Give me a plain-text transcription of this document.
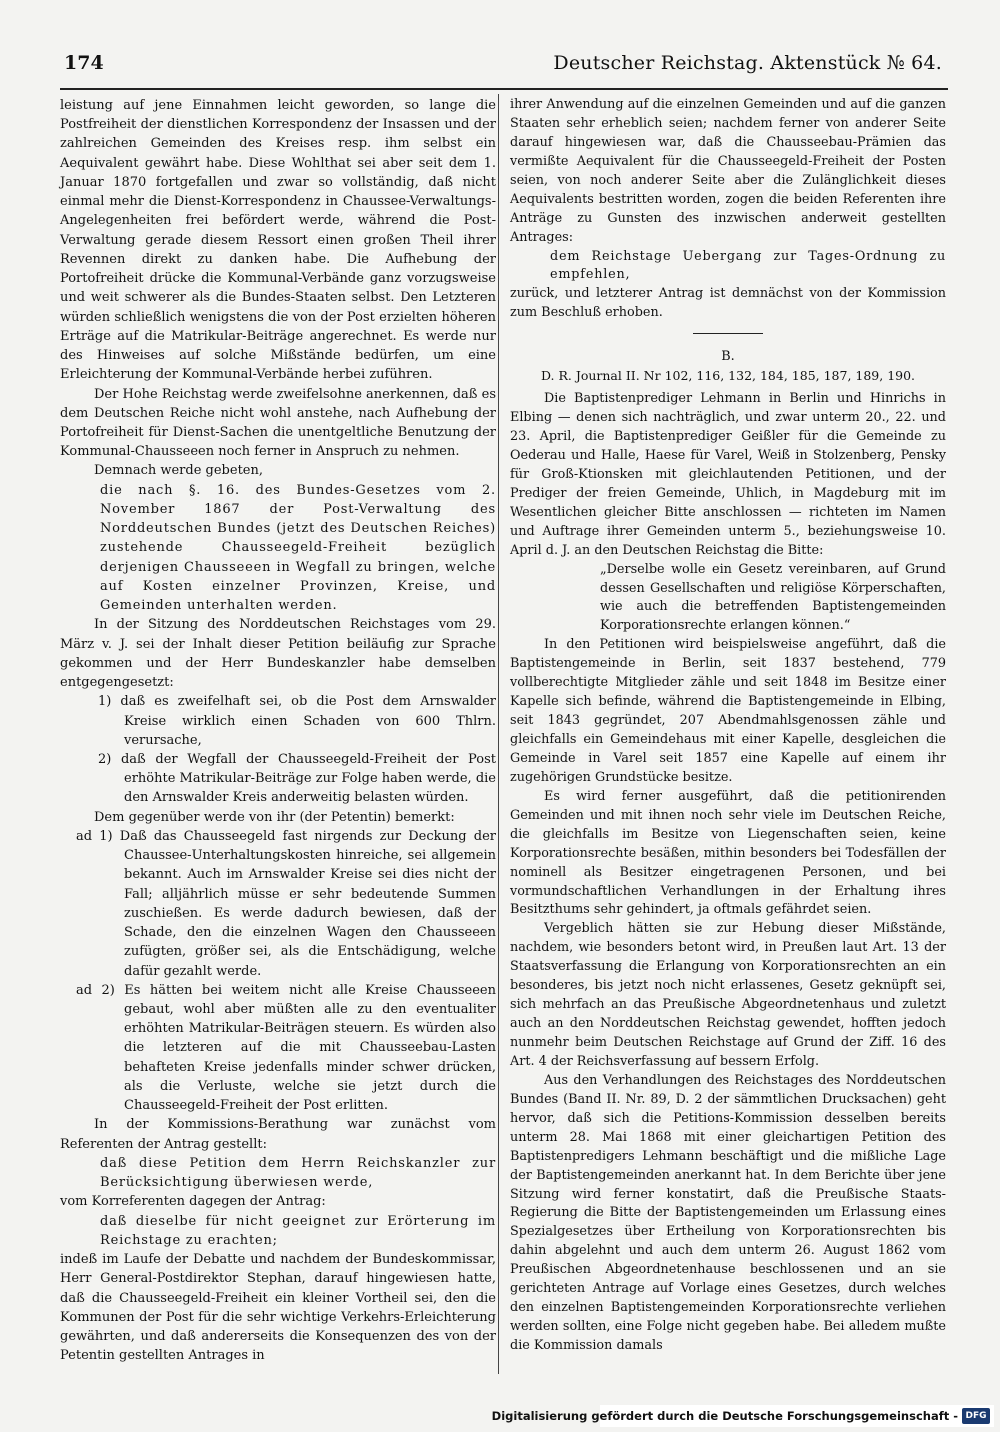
174	Deutscher Reichstag. Aktenstück № 64.

leistung auf jene Einnahmen leicht geworden, so lange die Postfreiheit der dienstlichen Korrespondenz der Insassen und der zahlreichen Gemeinden des Kreises resp. ihm selbst ein Aequivalent gewährt habe. Diese Wohlthat sei aber seit dem 1. Januar 1870 fortgefallen und zwar so vollständig, daß nicht einmal mehr die Dienst-Korrespondenz in Chaussee-Verwaltungs-Angelegenheiten frei befördert werde, während die Post-Verwaltung gerade diesem Ressort einen großen Theil ihrer Revennen direkt zu danken habe. Die Aufhebung der Portofreiheit drücke die Kommunal-Verbände ganz vorzugsweise und weit schwerer als die Bundes-Staaten selbst. Den Letzteren würden schließlich wenigstens die von der Post erzielten höheren Erträge auf die Matrikular-Beiträge angerechnet. Es werde nur des Hinweises auf solche Mißstände bedürfen, um eine Erleichterung der Kommunal-Verbände herbei zuführen.

Der Hohe Reichstag werde zweifelsohne anerkennen, daß es dem Deutschen Reiche nicht wohl anstehe, nach Aufhebung der Portofreiheit für Dienst-Sachen die unentgeltliche Benutzung der Kommunal-Chausseeen noch ferner in Anspruch zu nehmen.

Demnach werde gebeten,

die nach §. 16. des Bundes-Gesetzes vom 2. November 1867 der Post-Verwaltung des Norddeutschen Bundes (jetzt des Deutschen Reiches) zustehende Chausseegeld-Freiheit bezüglich derjenigen Chausseeen in Wegfall zu bringen, welche auf Kosten einzelner Provinzen, Kreise, und Gemeinden unterhalten werden.

In der Sitzung des Norddeutschen Reichstages vom 29. März v. J. sei der Inhalt dieser Petition beiläufig zur Sprache gekommen und der Herr Bundeskanzler habe demselben entgegengesetzt:

1) daß es zweifelhaft sei, ob die Post dem Arnswalder Kreise wirklich einen Schaden von 600 Thlrn. verursache,

2) daß der Wegfall der Chausseegeld-Freiheit der Post erhöhte Matrikular-Beiträge zur Folge haben werde, die den Arnswalder Kreis anderweitig belasten würden.

Dem gegenüber werde von ihr (der Petentin) bemerkt:

ad 1) Daß das Chausseegeld fast nirgends zur Deckung der Chaussee-Unterhaltungskosten hinreiche, sei allgemein bekannt. Auch im Arnswalder Kreise sei dies nicht der Fall; alljährlich müsse er sehr bedeutende Summen zuschießen. Es werde dadurch bewiesen, daß der Schade, den die einzelnen Wagen den Chausseeen zufügten, größer sei, als die Entschädigung, welche dafür gezahlt werde.

ad 2) Es hätten bei weitem nicht alle Kreise Chausseeen gebaut, wohl aber müßten alle zu den eventualiter erhöhten Matrikular-Beiträgen steuern. Es würden also die letzteren auf die mit Chausseebau-Lasten behafteten Kreise jedenfalls minder schwer drücken, als die Verluste, welche sie jetzt durch die Chausseegeld-Freiheit der Post erlitten.

In der Kommissions-Berathung war zunächst vom Referenten der Antrag gestellt:

daß diese Petition dem Herrn Reichskanzler zur Berücksichtigung überwiesen werde,

vom Korreferenten dagegen der Antrag:

daß dieselbe für nicht geeignet zur Erörterung im Reichstage zu erachten;

indeß im Laufe der Debatte und nachdem der Bundeskommissar, Herr General-Postdirektor Stephan, darauf hingewiesen hatte, daß die Chausseegeld-Freiheit ein kleiner Vortheil sei, den die Kommunen der Post für die sehr wichtige Verkehrs-Erleichterung gewährten, und daß andererseits die Konsequenzen des von der Petentin gestellten Antrages in

ihrer Anwendung auf die einzelnen Gemeinden und auf die ganzen Staaten sehr erheblich seien; nachdem ferner von anderer Seite darauf hingewiesen war, daß die Chausseebau-Prämien das vermißte Aequivalent für die Chausseegeld-Freiheit der Posten seien, von noch anderer Seite aber die Zulänglichkeit dieses Aequivalents bestritten worden, zogen die beiden Referenten ihre Anträge zu Gunsten des inzwischen anderweit gestellten Antrages:

dem Reichstage Uebergang zur Tages-Ordnung zu empfehlen,

zurück, und letzterer Antrag ist demnächst von der Kommission zum Beschluß erhoben.

B.

D. R. Journal II. Nr 102, 116, 132, 184, 185, 187, 189, 190.

Die Baptistenprediger Lehmann in Berlin und Hinrichs in Elbing — denen sich nachträglich, und zwar unterm 20., 22. und 23. April, die Baptistenprediger Geißler für die Gemeinde zu Oederau und Halle, Haese für Varel, Weiß in Stolzenberg, Pensky für Groß-Ktionsken mit gleichlautenden Petitionen, und der Prediger der freien Gemeinde, Uhlich, in Magdeburg mit im Wesentlichen gleicher Bitte anschlossen — richteten im Namen und Auftrage ihrer Gemeinden unterm 5., beziehungsweise 10. April d. J. an den Deutschen Reichstag die Bitte:

„Derselbe wolle ein Gesetz vereinbaren, auf Grund dessen Gesellschaften und religiöse Körperschaften, wie auch die betreffenden Baptistengemeinden Korporationsrechte erlangen können.“

In den Petitionen wird beispielsweise angeführt, daß die Baptistengemeinde in Berlin, seit 1837 bestehend, 779 vollberechtigte Mitglieder zähle und seit 1848 im Besitze einer Kapelle sich befinde, während die Baptistengemeinde in Elbing, seit 1843 gegründet, 207 Abendmahlsgenossen zähle und gleichfalls ein Gemeindehaus mit einer Kapelle, desgleichen die Gemeinde in Varel seit 1857 eine Kapelle auf einem ihr zugehörigen Grundstücke besitze.

Es wird ferner ausgeführt, daß die petitionirenden Gemeinden und mit ihnen noch sehr viele im Deutschen Reiche, die gleichfalls im Besitze von Liegenschaften seien, keine Korporationsrechte besäßen, mithin besonders bei Todesfällen der nominell als Besitzer eingetragenen Personen, und bei vormundschaftlichen Verhandlungen in der Erhaltung ihres Besitzthums sehr gehindert, ja oftmals gefährdet seien.

Vergeblich hätten sie zur Hebung dieser Mißstände, nachdem, wie besonders betont wird, in Preußen laut Art. 13 der Staatsverfassung die Erlangung von Korporationsrechten an ein besonderes, bis jetzt noch nicht erlassenes, Gesetz geknüpft sei, sich mehrfach an das Preußische Abgeordnetenhaus und zuletzt auch an den Norddeutschen Reichstag gewendet, hofften jedoch nunmehr beim Deutschen Reichstage auf Grund der Ziff. 16 des Art. 4 der Reichsverfassung auf bessern Erfolg.

Aus den Verhandlungen des Reichstages des Norddeutschen Bundes (Band II. Nr. 89, D. 2 der sämmtlichen Drucksachen) geht hervor, daß sich die Petitions-Kommission desselben bereits unterm 28. Mai 1868 mit einer gleichartigen Petition des Baptistenpredigers Lehmann beschäftigt und die mißliche Lage der Baptistengemeinden anerkannt hat. In dem Berichte über jene Sitzung wird ferner konstatirt, daß die Preußische Staats-Regierung die Bitte der Baptistengemeinden um Erlassung eines Spezialgesetzes über Ertheilung von Korporationsrechten bis dahin abgelehnt und auch dem unterm 26. August 1862 vom Preußischen Abgeordnetenhause beschlossenen und an sie gerichteten Antrage auf Vorlage eines Gesetzes, durch welches den einzelnen Baptistengemeinden Korporationsrechte verliehen werden sollten, eine Folge nicht gegeben habe. Bei alledem mußte die Kommission damals

Digitalisierung gefördert durch die Deutsche Forschungsgemeinschaft - DFG
